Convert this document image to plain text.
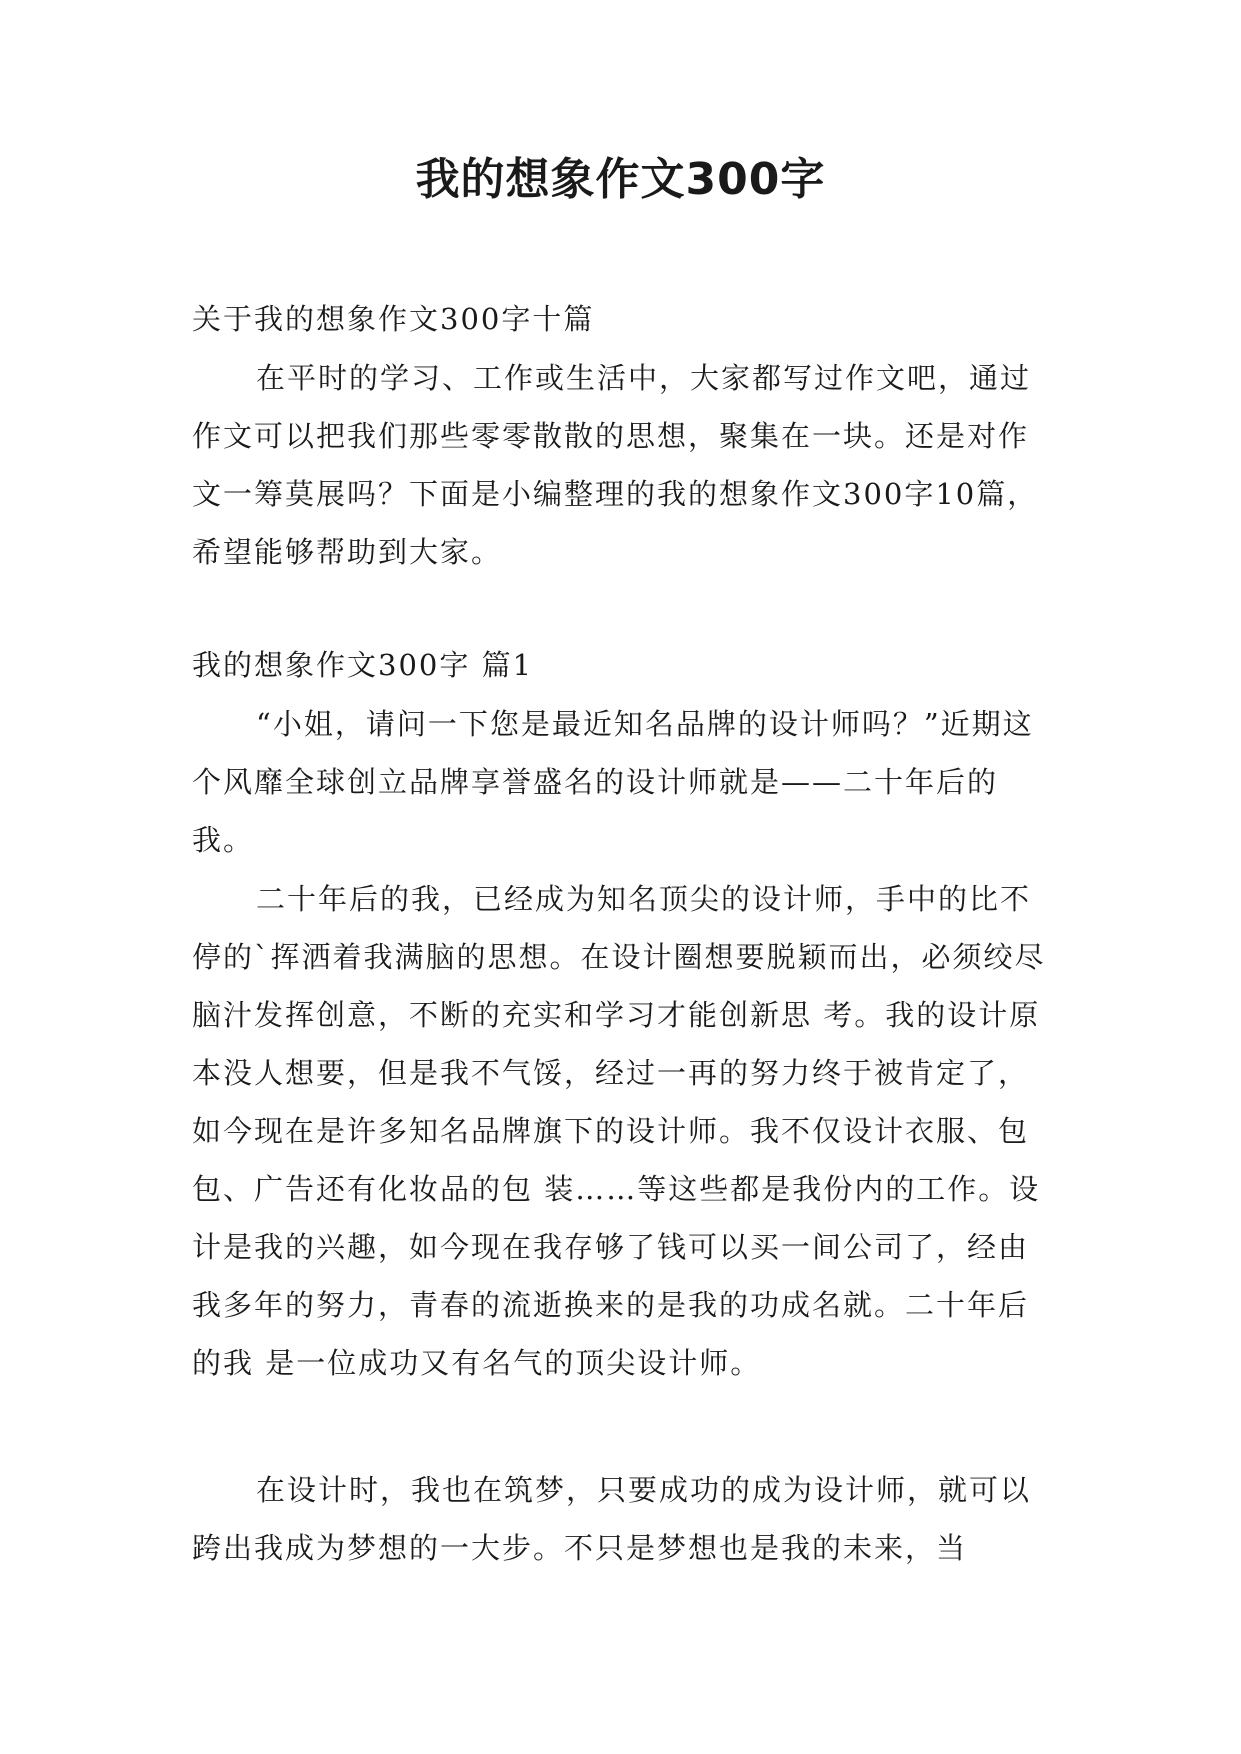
我的想象作文300字

关于我的想象作文300字十篇

在平时的学习、工作或生活中，大家都写过作文吧，通过作文可以把我们那些零零散散的思想，聚集在一块。还是对作文一筹莫展吗？下面是小编整理的我的想象作文300字10篇，希望能够帮助到大家。

我的想象作文300字 篇1

“小姐，请问一下您是最近知名品牌的设计师吗？”近期这个风靡全球创立品牌享誉盛名的设计师就是——二十年后的我。

二十年后的我，已经成为知名顶尖的设计师，手中的比不停的`挥洒着我满脑的思想。在设计圈想要脱颖而出，必须绞尽脑汁发挥创意，不断的充实和学习才能创新思 考。我的设计原本没人想要，但是我不气馁，经过一再的努力终于被肯定了，如今现在是许多知名品牌旗下的设计师。我不仅设计衣服、包包、广告还有化妆品的包 装……等这些都是我份内的工作。设计是我的兴趣，如今现在我存够了钱可以买一间公司了，经由我多年的努力，青春的流逝换来的是我的功成名就。二十年后的我 是一位成功又有名气的顶尖设计师。

在设计时，我也在筑梦，只要成功的成为设计师，就可以跨出我成为梦想的一大步。不只是梦想也是我的未来，当
